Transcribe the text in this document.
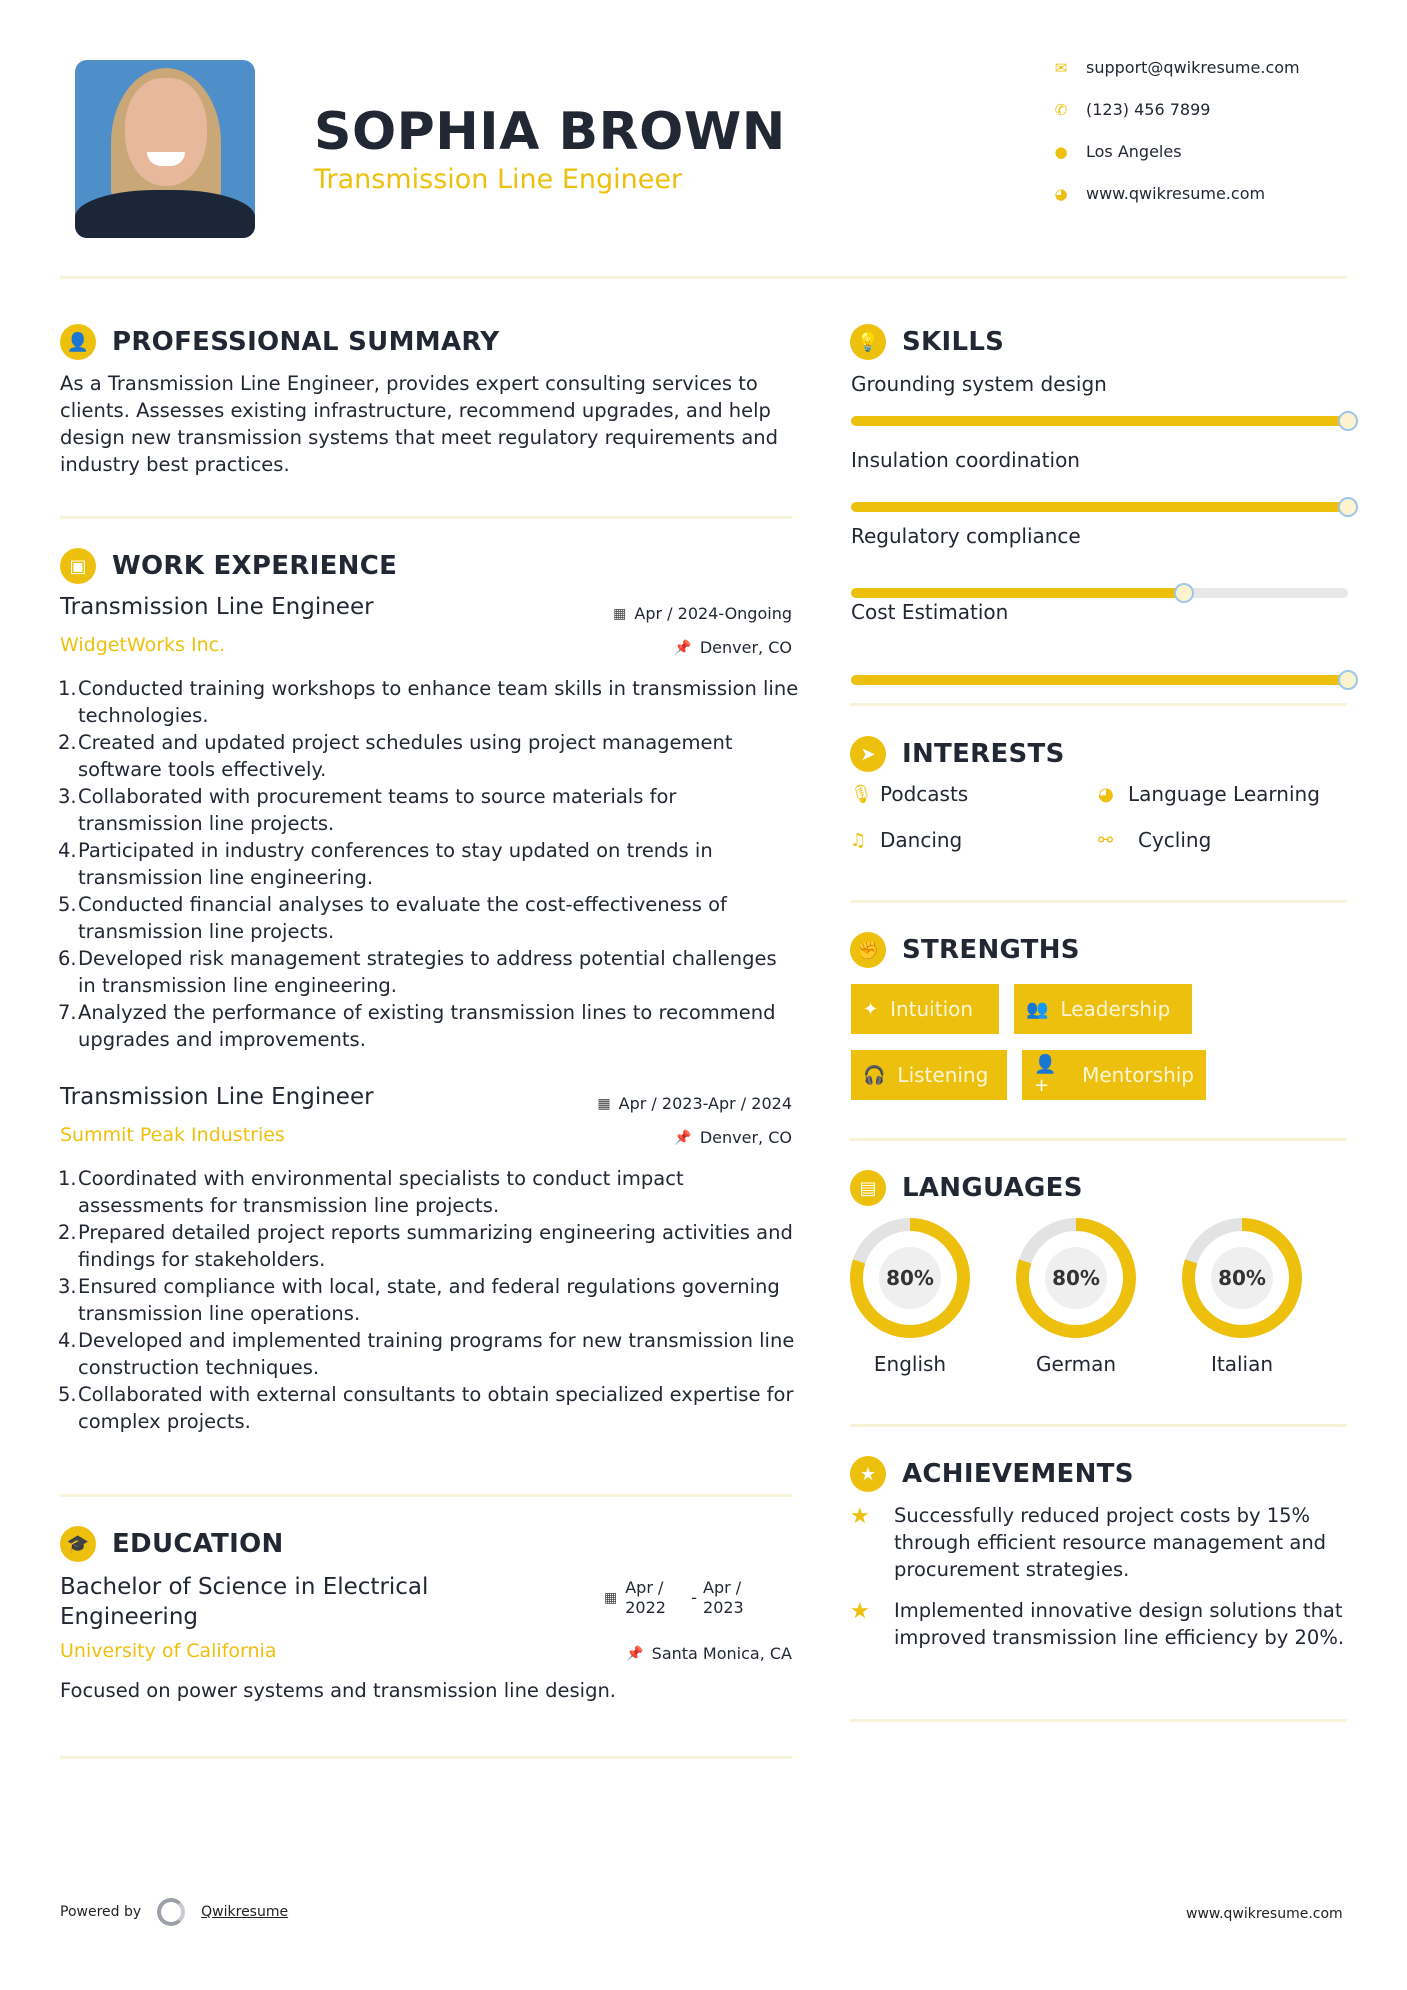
SOPHIA BROWN
Transmission Line Engineer
✉ support@qwikresume.com
✆ (123) 456 7899
● Los Angeles
◕ www.qwikresume.com
👤 PROFESSIONAL SUMMARY
As a Transmission Line Engineer, provides expert consulting services to clients. Assesses existing infrastructure, recommend upgrades, and help design new transmission systems that meet regulatory requirements and industry best practices.
▣ WORK EXPERIENCE
Transmission Line Engineer	▦ Apr / 2024-Ongoing
WidgetWorks Inc.	📌 Denver, CO
1. Conducted training workshops to enhance team skills in transmission line technologies.
2. Created and updated project schedules using project management software tools effectively.
3. Collaborated with procurement teams to source materials for transmission line projects.
4. Participated in industry conferences to stay updated on trends in transmission line engineering.
5. Conducted financial analyses to evaluate the cost-effectiveness of transmission line projects.
6. Developed risk management strategies to address potential challenges in transmission line engineering.
7. Analyzed the performance of existing transmission lines to recommend upgrades and improvements.
Transmission Line Engineer	▦ Apr / 2023-Apr / 2024
Summit Peak Industries	📌 Denver, CO
1. Coordinated with environmental specialists to conduct impact assessments for transmission line projects.
2. Prepared detailed project reports summarizing engineering activities and findings for stakeholders.
3. Ensured compliance with local, state, and federal regulations governing transmission line operations.
4. Developed and implemented training programs for new transmission line construction techniques.
5. Collaborated with external consultants to obtain specialized expertise for complex projects.
🎓 EDUCATION
Bachelor of Science in Electrical Engineering
▦
Apr / 2022
-
Apr / 2023
University of California	📌 Santa Monica, CA
Focused on power systems and transmission line design.
💡 SKILLS
Grounding system design
Insulation coordination
Regulatory compliance
Cost Estimation
➤	INTERESTS
🎙 Podcasts	◕ Language Learning
♫ Dancing	⚯	Cycling
✊ STRENGTHS
✦ Intuition	👥 Leadership
🎧 Listening	👤+	Mentorship
▤ LANGUAGES
80%
English
80%
German
80%
Italian
★ ACHIEVEMENTS
★	Successfully reduced project costs by 15% through efficient resource management and procurement strategies.
★	Implemented innovative design solutions that improved transmission line efficiency by 20%.
Powered by	Qwikresume	www.qwikresume.com
